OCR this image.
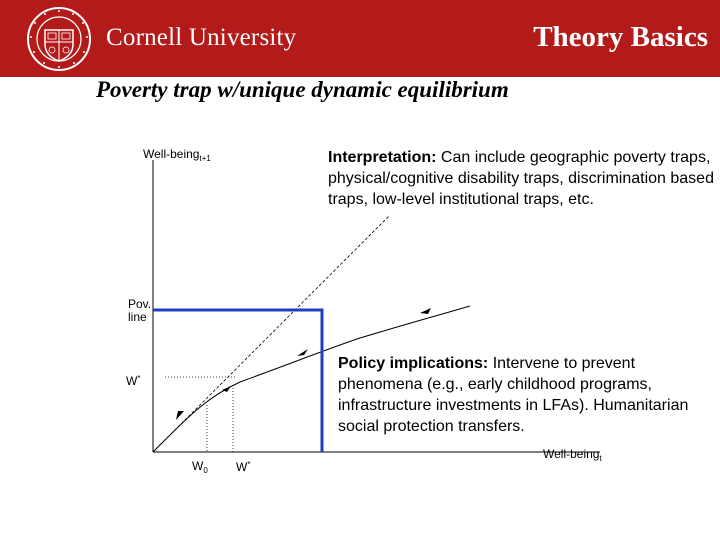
Cornell University	Theory Basics
Poverty trap w/unique dynamic equilibrium
Well-being$_{t+1}$
Well-being$_t$
Pov.
line
W*
$W_0$ W*
Interpretation: Can include geographic poverty traps, physical/cognitive disability traps, discrimination based traps, low-level institutional traps, etc.
Policy implications: Intervene to prevent phenomena (e.g., early childhood programs, infrastructure investments in LFAs). Humanitarian social protection transfers.
